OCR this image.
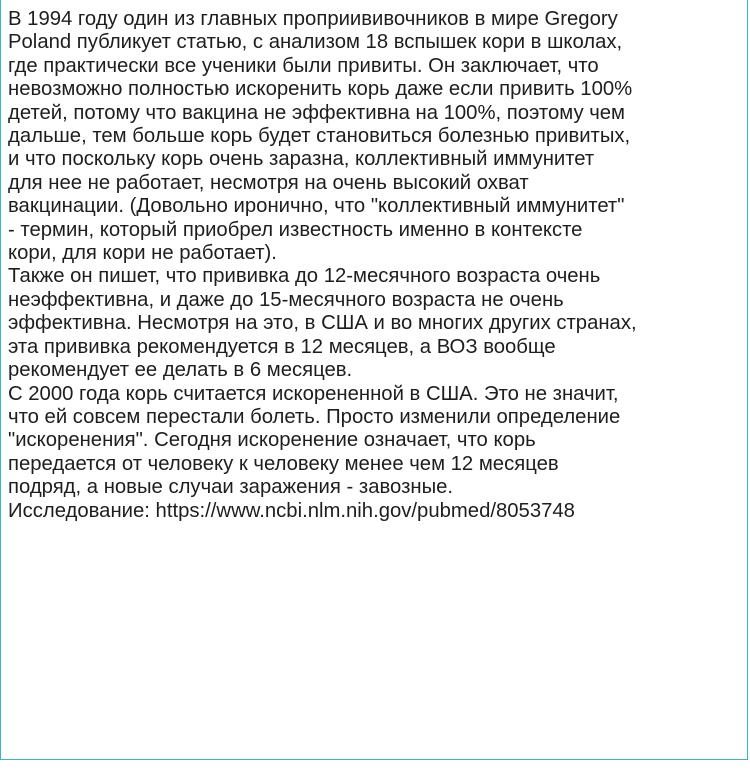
В 1994 году один из главных проприививочников в мире Gregory
Poland публикует статью, с анализом 18 вспышек кори в школах,
где практически все ученики были привиты. Он заключает, что
невозможно полностью искоренить корь даже если привить 100%
детей, потому что вакцина не эффективна на 100%, поэтому чем
дальше, тем больше корь будет становиться болезнью привитых,
и что поскольку корь очень заразна, коллективный иммунитет
для нее не работает, несмотря на очень высокий охват
вакцинации. (Довольно иронично, что "коллективный иммунитет"
- термин, который приобрел известность именно в контексте
кори, для кори не работает).
Также он пишет, что прививка до 12-месячного возраста очень
неэффективна, и даже до 15-месячного возраста не очень
эффективна. Несмотря на это, в США и во многих других странах,
эта прививка рекомендуется в 12 месяцев, а ВОЗ вообще
рекомендует ее делать в 6 месяцев.
С 2000 года корь считается искорененной в США. Это не значит,
что ей совсем перестали болеть. Просто изменили определение
"искоренения". Сегодня искоренение означает, что корь
передается от человеку к человеку менее чем 12 месяцев
подряд, а новые случаи заражения - завозные.
Исследование: https://www.ncbi.nlm.nih.gov/pubmed/8053748
